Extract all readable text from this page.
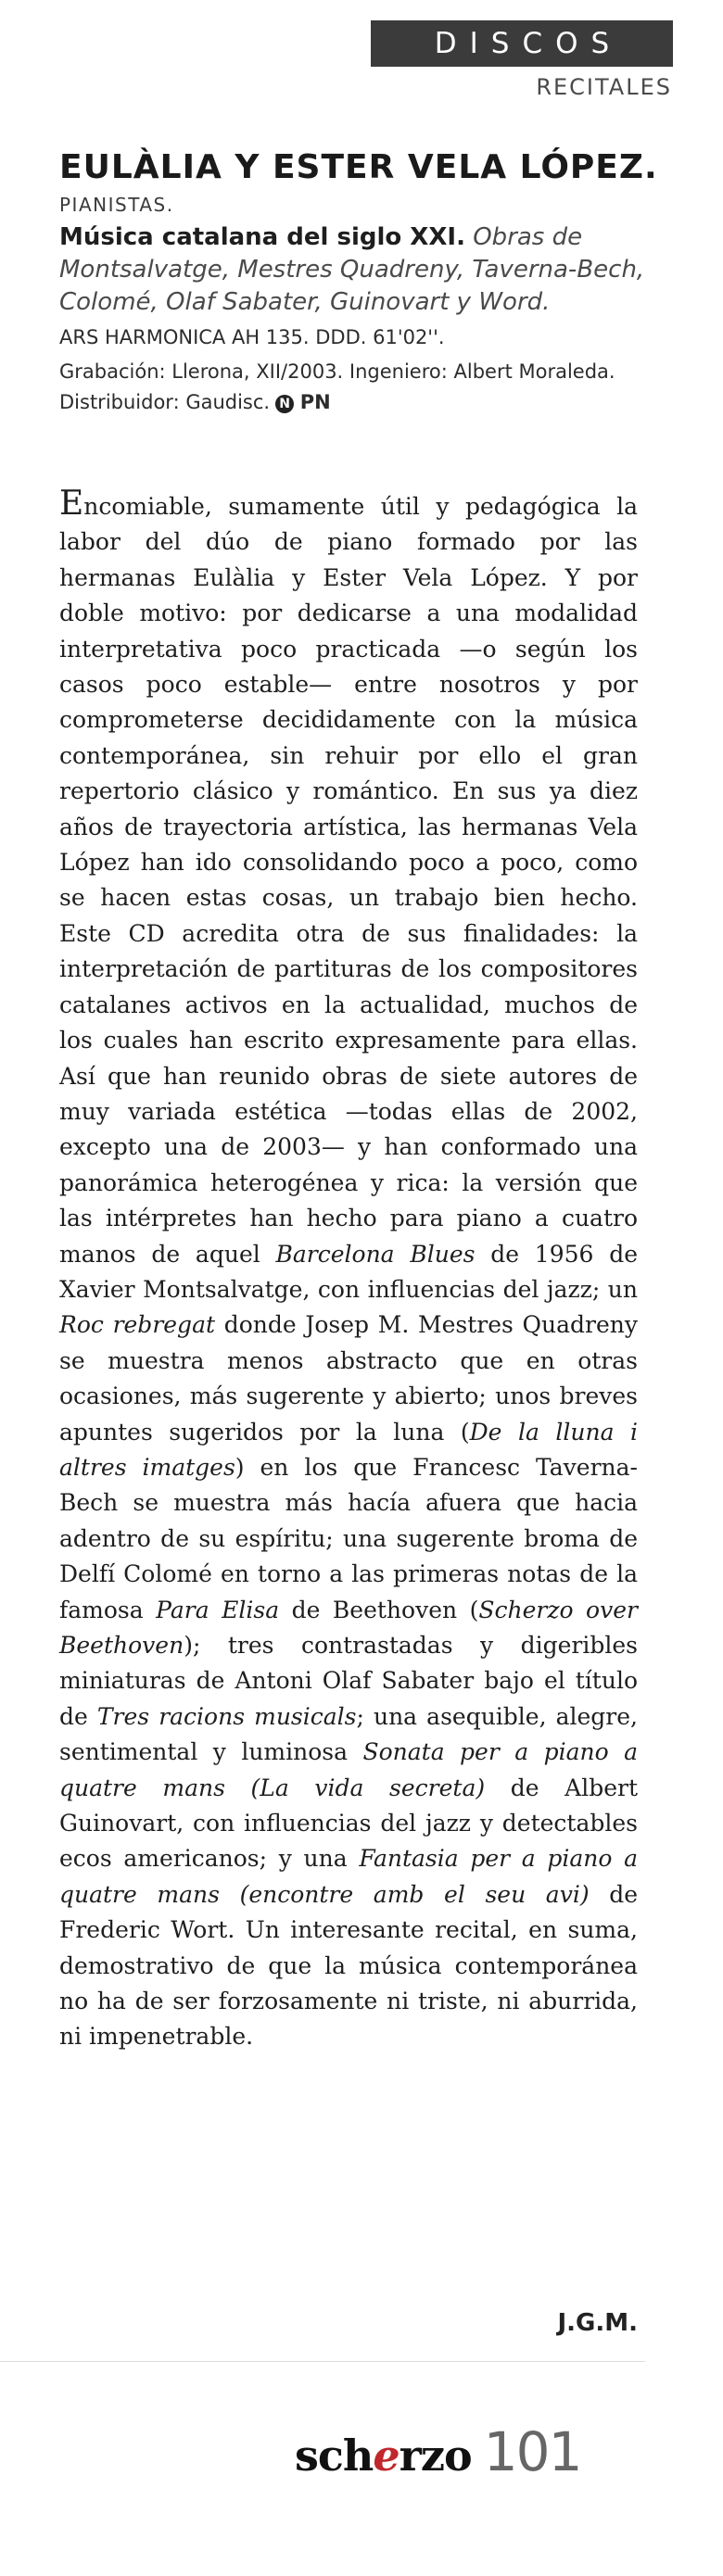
DISCOS
RECITALES
EULÀLIA Y ESTER VELA LÓPEZ.
PIANISTAS.
Música catalana del siglo XXI. Obras de Montsalvatge, Mestres Quadreny, Taverna-Bech, Colomé, Olaf Sabater, Guinovart y Word.
ARS HARMONICA AH 135. DDD. 61'02''.
Grabación: Llerona, XII/2003. Ingeniero: Albert Moraleda. Distribuidor: Gaudisc. N PN
Encomiable, sumamente útil y pedagógica la labor del dúo de piano formado por las hermanas Eulàlia y Ester Vela López. Y por doble motivo: por dedicarse a una modalidad interpretativa poco practicada —o según los casos poco estable— entre nosotros y por comprometerse decididamente con la música contemporánea, sin rehuir por ello el gran repertorio clásico y romántico. En sus ya diez años de trayectoria artística, las hermanas Vela López han ido consolidando poco a poco, como se hacen estas cosas, un trabajo bien hecho. Este CD acredita otra de sus finalidades: la interpretación de partituras de los compositores catalanes activos en la actualidad, muchos de los cuales han escrito expresamente para ellas. Así que han reunido obras de siete autores de muy variada estética —todas ellas de 2002, excepto una de 2003— y han conformado una panorámica heterogénea y rica: la versión que las intérpretes han hecho para piano a cuatro manos de aquel Barcelona Blues de 1956 de Xavier Montsalvatge, con influencias del jazz; un Roc rebregat donde Josep M. Mestres Quadreny se muestra menos abstracto que en otras ocasiones, más sugerente y abierto; unos breves apuntes sugeridos por la luna (De la lluna i altres imatges) en los que Francesc Taverna-Bech se muestra más hacía afuera que hacia adentro de su espíritu; una sugerente broma de Delfí Colomé en torno a las primeras notas de la famosa Para Elisa de Beethoven (Scherzo over Beethoven); tres contrastadas y digeribles miniaturas de Antoni Olaf Sabater bajo el título de Tres racions musicals; una asequible, alegre, sentimental y luminosa Sonata per a piano a quatre mans (La vida secreta) de Albert Guinovart, con influencias del jazz y detectables ecos americanos; y una Fantasia per a piano a quatre mans (encontre amb el seu avi) de Frederic Wort. Un interesante recital, en suma, demostrativo de que la música contemporánea no ha de ser forzosamente ni triste, ni aburrida, ni impenetrable.
J.G.M.
scherzo 101
